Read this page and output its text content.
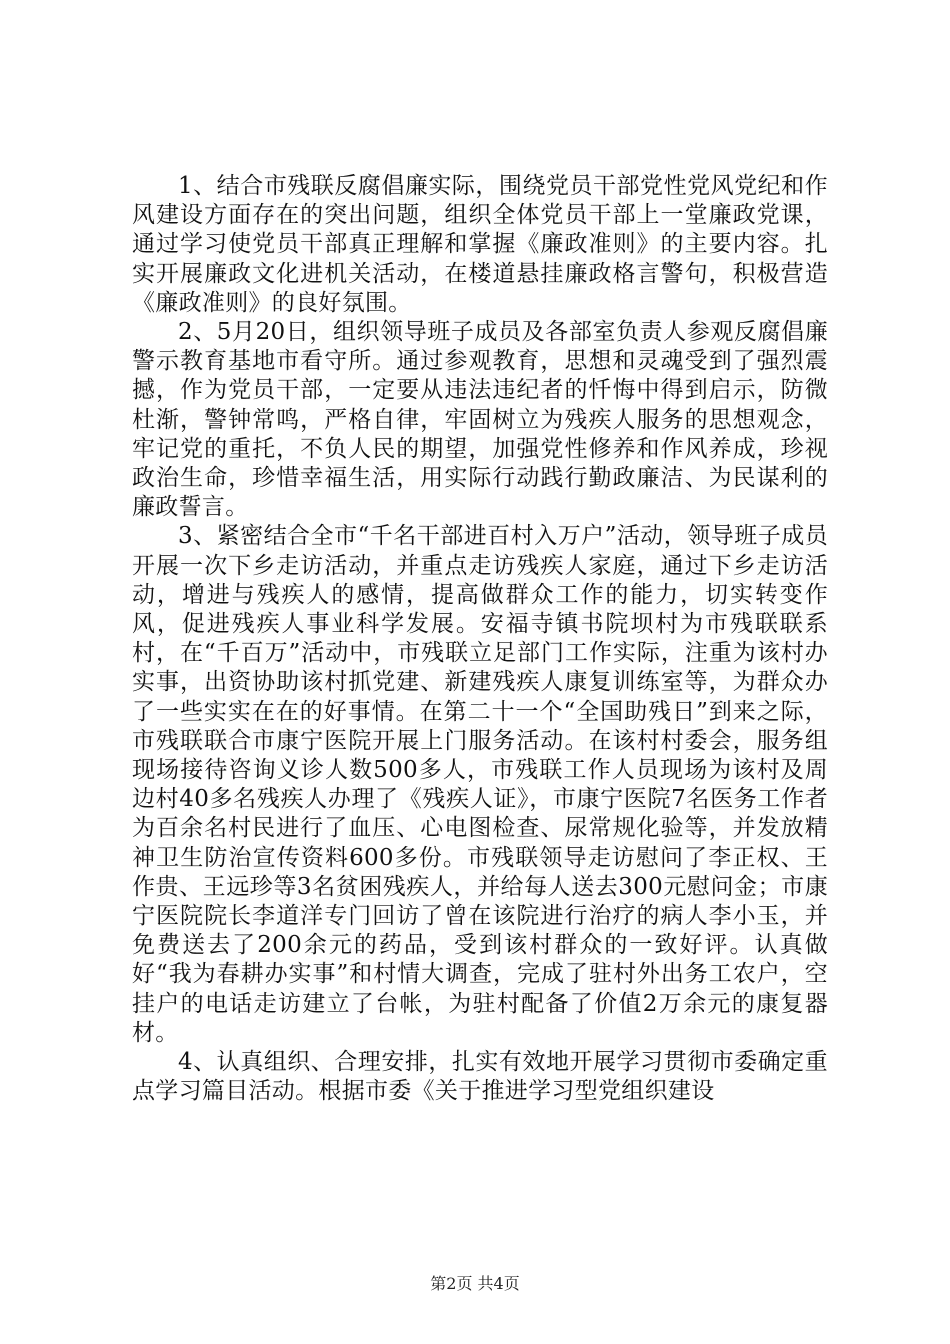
1、结合市残联反腐倡廉实际，围绕党员干部党性党风党纪和作风建设方面存在的突出问题，组织全体党员干部上一堂廉政党课，通过学习使党员干部真正理解和掌握《廉政准则》的主要内容。扎实开展廉政文化进机关活动，在楼道悬挂廉政格言警句，积极营造《廉政准则》的良好氛围。

2、5月20日，组织领导班子成员及各部室负责人参观反腐倡廉警示教育基地市看守所。通过参观教育，思想和灵魂受到了强烈震撼，作为党员干部，一定要从违法违纪者的忏悔中得到启示，防微杜渐，警钟常鸣，严格自律，牢固树立为残疾人服务的思想观念，牢记党的重托，不负人民的期望，加强党性修养和作风养成，珍视政治生命，珍惜幸福生活，用实际行动践行勤政廉洁、为民谋利的廉政誓言。

3、紧密结合全市“千名干部进百村入万户”活动，领导班子成员开展一次下乡走访活动，并重点走访残疾人家庭，通过下乡走访活动，增进与残疾人的感情，提高做群众工作的能力，切实转变作风，促进残疾人事业科学发展。安福寺镇书院坝村为市残联联系村，在“千百万”活动中，市残联立足部门工作实际，注重为该村办实事，出资协助该村抓党建、新建残疾人康复训练室等，为群众办了一些实实在在的好事情。在第二十一个“全国助残日”到来之际，市残联联合市康宁医院开展上门服务活动。在该村村委会，服务组现场接待咨询义诊人数500多人，市残联工作人员现场为该村及周边村40多名残疾人办理了《残疾人证》，市康宁医院7名医务工作者为百余名村民进行了血压、心电图检查、尿常规化验等，并发放精神卫生防治宣传资料600多份。市残联领导走访慰问了李正权、王作贵、王远珍等3名贫困残疾人，并给每人送去300元慰问金；市康宁医院院长李道洋专门回访了曾在该院进行治疗的病人李小玉，并免费送去了200余元的药品，受到该村群众的一致好评。认真做好“我为春耕办实事”和村情大调查，完成了驻村外出务工农户，空挂户的电话走访建立了台帐，为驻村配备了价值2万余元的康复器材。

4、认真组织、合理安排，扎实有效地开展学习贯彻市委确定重点学习篇目活动。根据市委《关于推进学习型党组织建设

第2页 共4页
